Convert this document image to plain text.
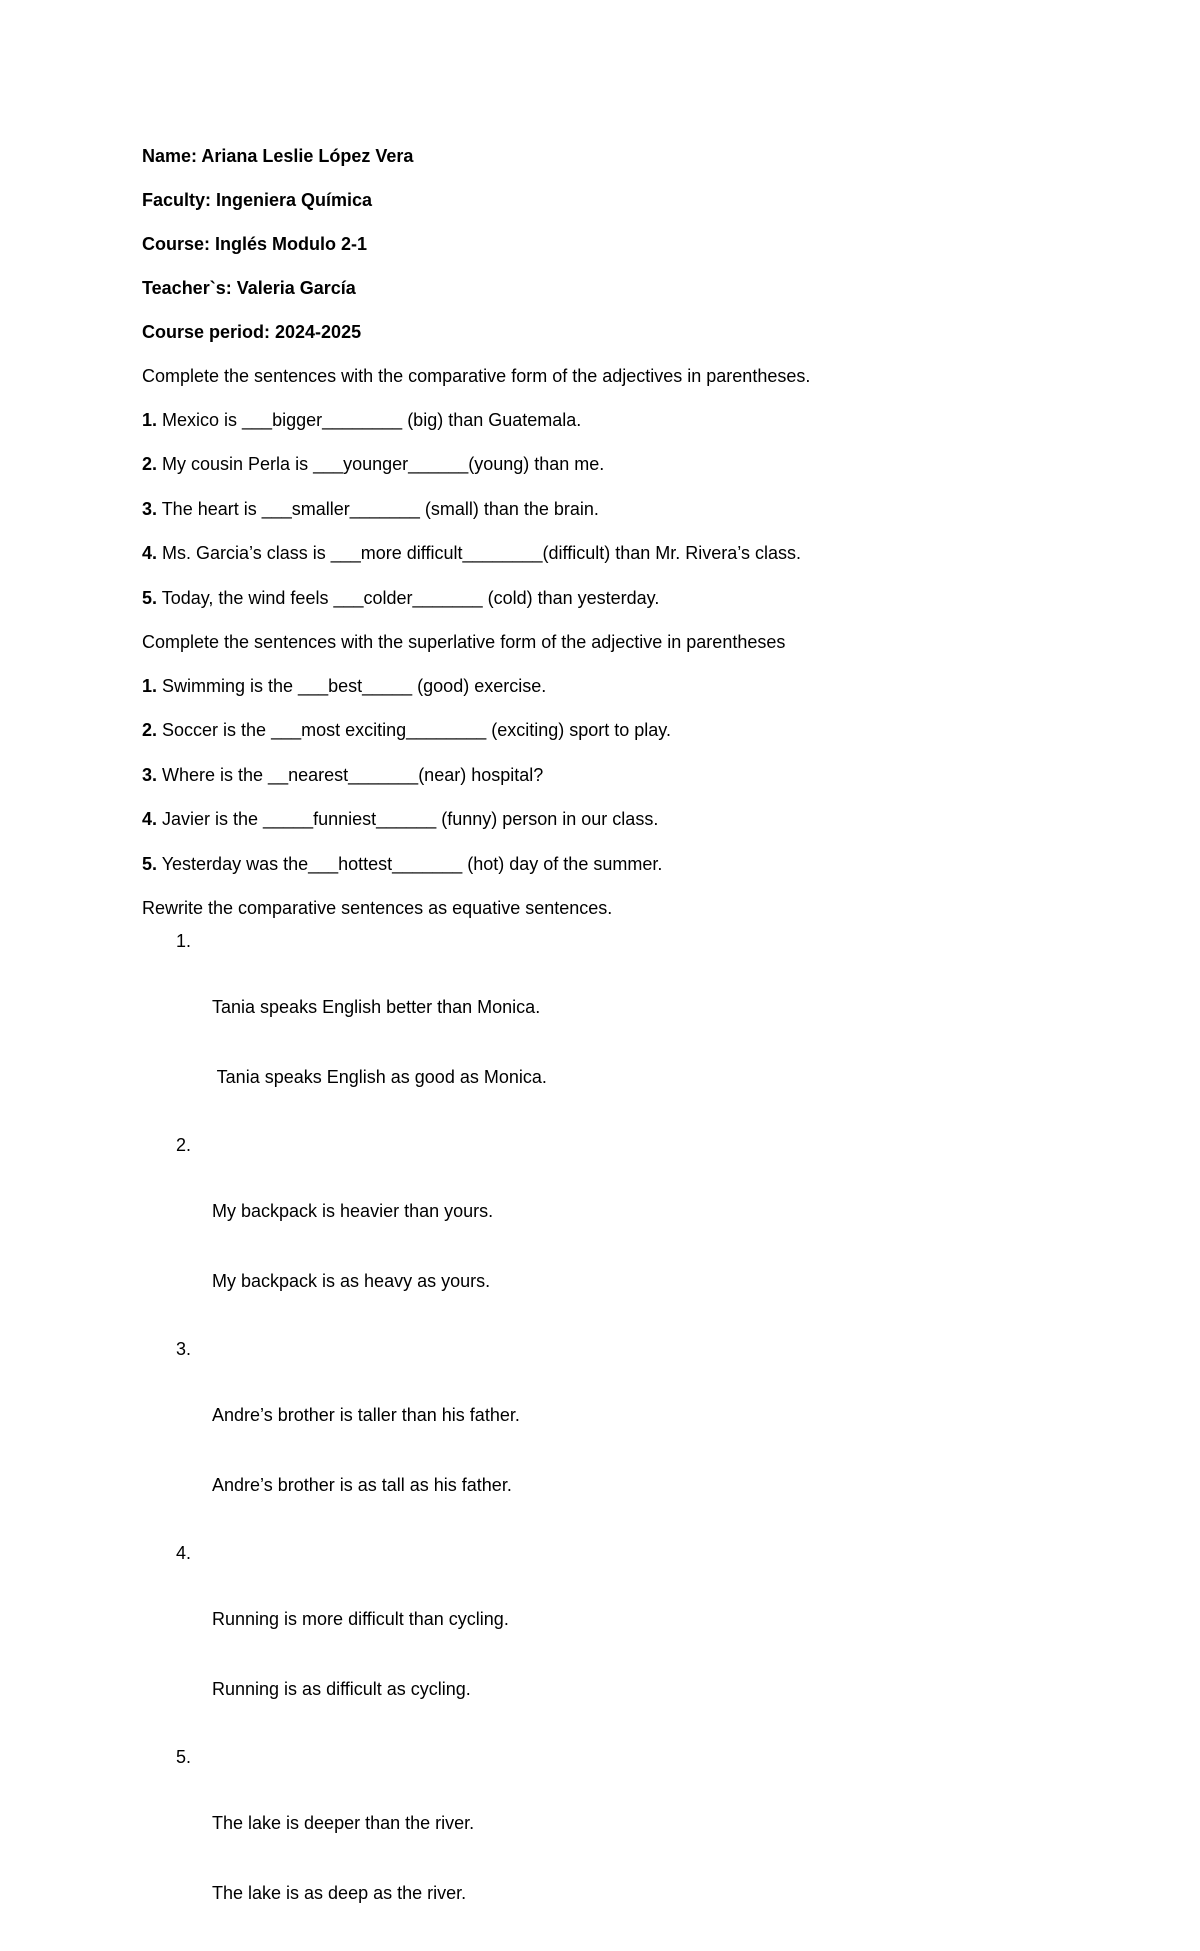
Name: Ariana Leslie López Vera
Faculty: Ingeniera Química
Course: Inglés Modulo 2-1
Teacher`s: Valeria García
Course period: 2024-2025
Complete the sentences with the comparative form of the adjectives in parentheses.
1. Mexico is ___bigger________ (big) than Guatemala.
2. My cousin Perla is ___younger______(young) than me.
3. The heart is ___smaller_______ (small) than the brain.
4. Ms. Garcia’s class is ___more difficult________(difficult) than Mr. Rivera’s class.
5. Today, the wind feels ___colder_______ (cold) than yesterday.
Complete the sentences with the superlative form of the adjective in parentheses
1. Swimming is the ___best_____ (good) exercise.
2. Soccer is the ___most exciting________ (exciting) sport to play.
3. Where is the __nearest_______(near) hospital?
4. Javier is the _____funniest______ (funny) person in our class.
5. Yesterday was the___hottest_______ (hot) day of the summer.
Rewrite the comparative sentences as equative sentences.

1.

Tania speaks English better than Monica.

Tania speaks English as good as Monica.

2.

My backpack is heavier than yours.

My backpack is as heavy as yours.

3.

Andre’s brother is taller than his father.

Andre’s brother is as tall as his father.

4.

Running is more difficult than cycling.

Running is as difficult as cycling.

5.

The lake is deeper than the river.

The lake is as deep as the river.
